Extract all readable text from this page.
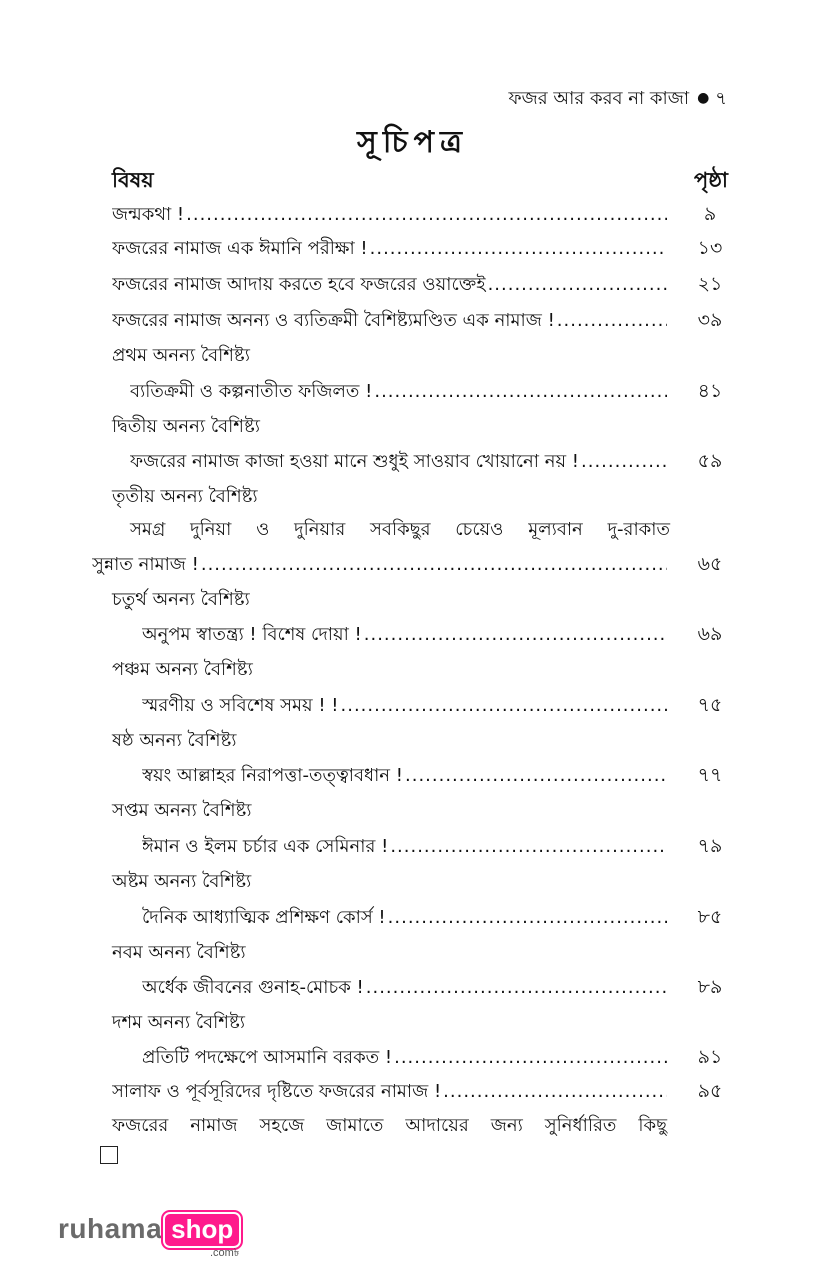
ফজর আর করব না কাজা ● ৭
সূচিপত্র
বিষয়	পৃষ্ঠা
জন্মকথা ! .....	৯
ফজরের নামাজ এক ঈমানি পরীক্ষা ! .....	১৩
ফজরের নামাজ আদায় করতে হবে ফজরের ওয়াক্তেই .....	২১
ফজরের নামাজ অনন্য ও ব্যতিক্রমী বৈশিষ্ট্যমণ্ডিত এক নামাজ ! .....	৩৯
প্রথম অনন্য বৈশিষ্ট্য
ব্যতিক্রমী ও কল্পনাতীত ফজিলত ! .....	৪১
দ্বিতীয় অনন্য বৈশিষ্ট্য
ফজরের নামাজ কাজা হওয়া মানে শুধুই সাওয়াব খোয়ানো নয় ! .....	৫৯
তৃতীয় অনন্য বৈশিষ্ট্য
সমগ্র দুনিয়া ও দুনিয়ার সবকিছুর চেয়েও মূল্যবান দু-রাকাত
সুন্নাত নামাজ ! .....	৬৫
চতুর্থ অনন্য বৈশিষ্ট্য
অনুপম স্বাতন্ত্র্য ! বিশেষ দোয়া ! .....	৬৯
পঞ্চম অনন্য বৈশিষ্ট্য
স্মরণীয় ও সবিশেষ সময় ! ! .....	৭৫
ষষ্ঠ অনন্য বৈশিষ্ট্য
স্বয়ং আল্লাহর নিরাপত্তা-তত্ত্বাবধান ! .....	৭৭
সপ্তম অনন্য বৈশিষ্ট্য
ঈমান ও ইলম চর্চার এক সেমিনার ! .....	৭৯
অষ্টম অনন্য বৈশিষ্ট্য
দৈনিক আধ্যাত্মিক প্রশিক্ষণ কোর্স ! .....	৮৫
নবম অনন্য বৈশিষ্ট্য
অর্ধেক জীবনের গুনাহ-মোচক ! .....	৮৯
দশম অনন্য বৈশিষ্ট্য
প্রতিটি পদক্ষেপে আসমানি বরকত ! .....	৯১
সালাফ ও পূর্বসূরিদের দৃষ্টিতে ফজরের নামাজ ! .....	৯৫
ফজরের নামাজ সহজে জামাতে আদায়ের জন্য সুনির্ধারিত কিছু
ruhama shop
.com৳
